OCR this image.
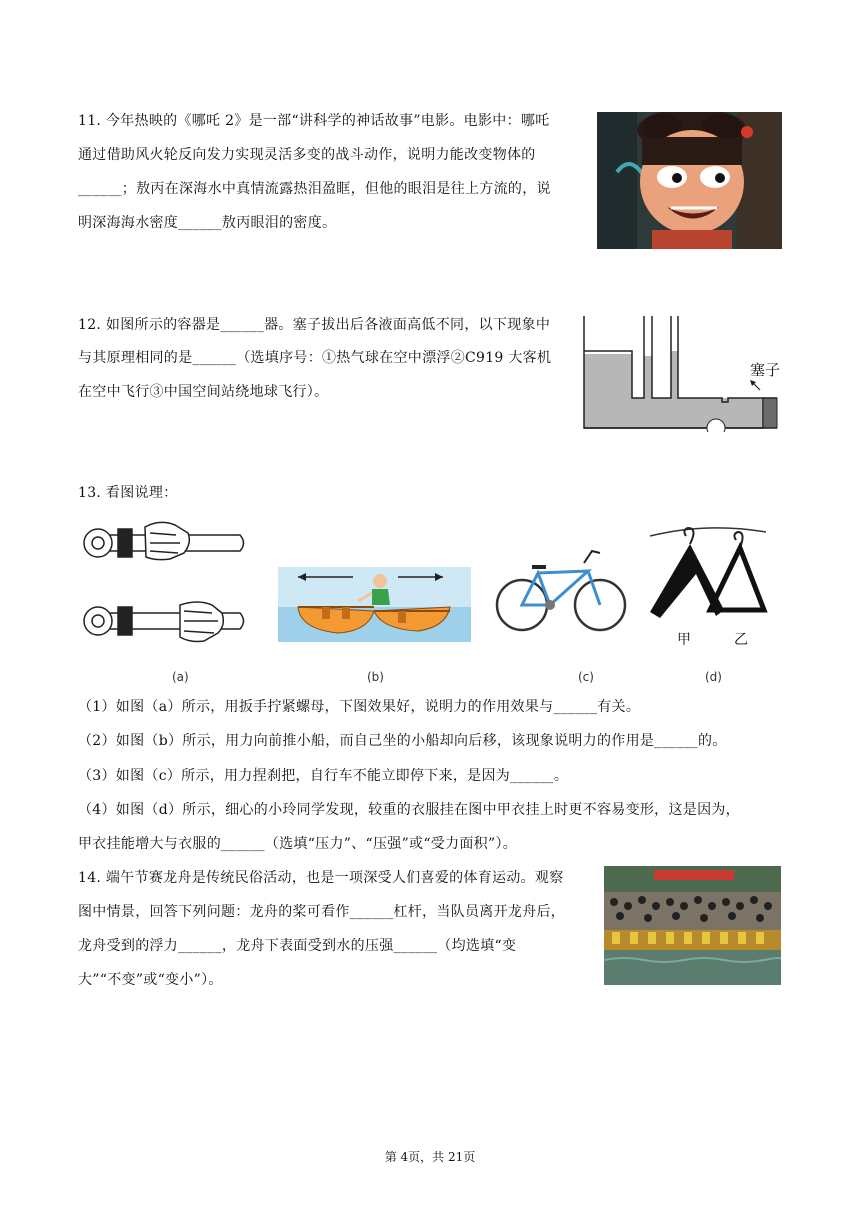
11. 今年热映的《哪吒 2》是一部“讲科学的神话故事”电影。电影中：哪吒
通过借助风火轮反向发力实现灵活多变的战斗动作，说明力能改变物体的
______；敖丙在深海水中真情流露热泪盈眶，但他的眼泪是往上方流的，说
明深海海水密度______敖丙眼泪的密度。
12. 如图所示的容器是______器。塞子拔出后各液面高低不同，以下现象中
与其原理相同的是______（选填序号：①热气球在空中漂浮②C919 大客机
在空中飞行③中国空间站绕地球飞行）。
塞子
13. 看图说理：
(a)	(b)	(c)
甲	乙
(d)
（1）如图（a）所示，用扳手拧紧螺母，下图效果好，说明力的作用效果与______有关。
（2）如图（b）所示，用力向前推小船，而自己坐的小船却向后移，该现象说明力的作用是______的。
（3）如图（c）所示，用力捏刹把，自行车不能立即停下来，是因为______。
（4）如图（d）所示，细心的小玲同学发现，较重的衣服挂在图中甲衣挂上时更不容易变形，这是因为，
甲衣挂能增大与衣服的______（选填“压力”、“压强”或“受力面积”）。
14. 端午节赛龙舟是传统民俗活动，也是一项深受人们喜爱的体育运动。观察
图中情景，回答下列问题：龙舟的桨可看作______杠杆，当队员离开龙舟后，
龙舟受到的浮力______，龙舟下表面受到水的压强______（均选填“变
大”“不变”或“变小”）。
第 4页，共 21页
